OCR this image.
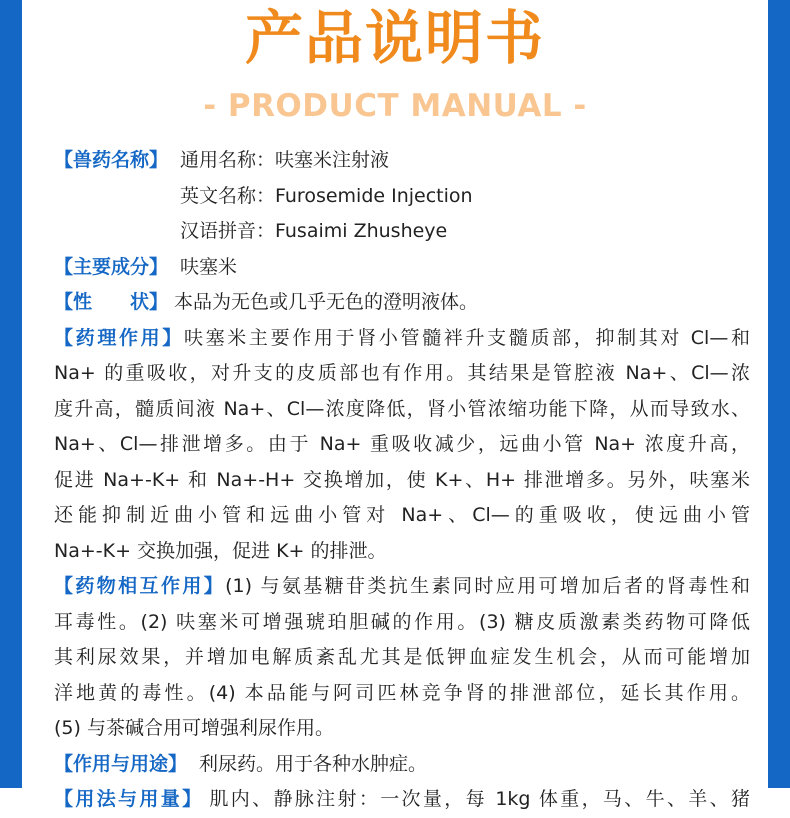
产品说明书
- PRODUCT MANUAL -
【兽药名称】 通用名称：呋塞米注射液
英文名称：Furosemide Injection
汉语拼音：Fusaimi Zhusheye
【主要成分】 呋塞米
【性　　状】 本品为无色或几乎无色的澄明液体。
【药理作用】呋塞米主要作用于肾小管髓袢升支髓质部，抑制其对 Cl—和
Na+ 的重吸收，对升支的皮质部也有作用。其结果是管腔液 Na+、Cl—浓
度升高，髓质间液 Na+、Cl—浓度降低，肾小管浓缩功能下降，从而导致水、
Na+、Cl—排泄增多。由于 Na+ 重吸收减少，远曲小管 Na+ 浓度升高，
促进 Na+-K+ 和 Na+-H+ 交换增加，使 K+、H+ 排泄增多。另外，呋塞米
还能抑制近曲小管和远曲小管对 Na+、Cl—的重吸收，使远曲小管
Na+-K+ 交换加强，促进 K+ 的排泄。
【药物相互作用】(1) 与氨基糖苷类抗生素同时应用可增加后者的肾毒性和
耳毒性。(2) 呋塞米可增强琥珀胆碱的作用。(3) 糖皮质激素类药物可降低
其利尿效果，并增加电解质紊乱尤其是低钾血症发生机会，从而可能增加
洋地黄的毒性。(4) 本品能与阿司匹林竞争肾的排泄部位，延长其作用。
(5) 与茶碱合用可增强利尿作用。
【作用与用途】 利尿药。用于各种水肿症。
【用法与用量】 肌内、静脉注射：一次量，每 1kg 体重，马、牛、羊、猪
